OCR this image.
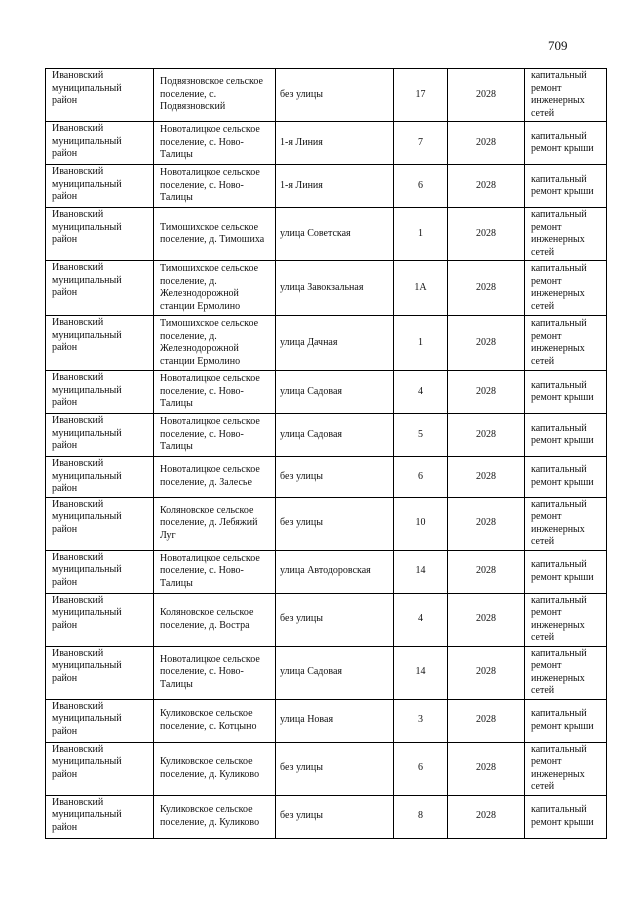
709
Ивановский муниципальный район	Подвязновское сельское поселение, с. Подвязновский	без улицы	17	2028	капитальный ремонт инженерных сетей
Ивановский муниципальный район	Новоталицкое сельское поселение, с. Ново-Талицы	1-я Линия	7	2028	капитальный ремонт крыши
Ивановский муниципальный район	Новоталицкое сельское поселение, с. Ново-Талицы	1-я Линия	6	2028	капитальный ремонт крыши
Ивановский муниципальный район	Тимошихское сельское поселение, д. Тимошиха	улица Советская	1	2028	капитальный ремонт инженерных сетей
Ивановский муниципальный район	Тимошихское сельское поселение, д. Железнодорожной станции Ермолино	улица Завокзальная	1А	2028	капитальный ремонт инженерных сетей
Ивановский муниципальный район	Тимошихское сельское поселение, д. Железнодорожной станции Ермолино	улица Дачная	1	2028	капитальный ремонт инженерных сетей
Ивановский муниципальный район	Новоталицкое сельское поселение, с. Ново-Талицы	улица Садовая	4	2028	капитальный ремонт крыши
Ивановский муниципальный район	Новоталицкое сельское поселение, с. Ново-Талицы	улица Садовая	5	2028	капитальный ремонт крыши
Ивановский муниципальный район	Новоталицкое сельское поселение, д. Залесье	без улицы	6	2028	капитальный ремонт крыши
Ивановский муниципальный район	Коляновское сельское поселение, д. Лебяжий Луг	без улицы	10	2028	капитальный ремонт инженерных сетей
Ивановский муниципальный район	Новоталицкое сельское поселение, с. Ново-Талицы	улица Автодоровская	14	2028	капитальный ремонт крыши
Ивановский муниципальный район	Коляновское сельское поселение, д. Востра	без улицы	4	2028	капитальный ремонт инженерных сетей
Ивановский муниципальный район	Новоталицкое сельское поселение, с. Ново-Талицы	улица Садовая	14	2028	капитальный ремонт инженерных сетей
Ивановский муниципальный район	Куликовское сельское поселение, с. Котцыно	улица Новая	3	2028	капитальный ремонт крыши
Ивановский муниципальный район	Куликовское сельское поселение, д. Куликово	без улицы	6	2028	капитальный ремонт инженерных сетей
Ивановский муниципальный район	Куликовское сельское поселение, д. Куликово	без улицы	8	2028	капитальный ремонт крыши
